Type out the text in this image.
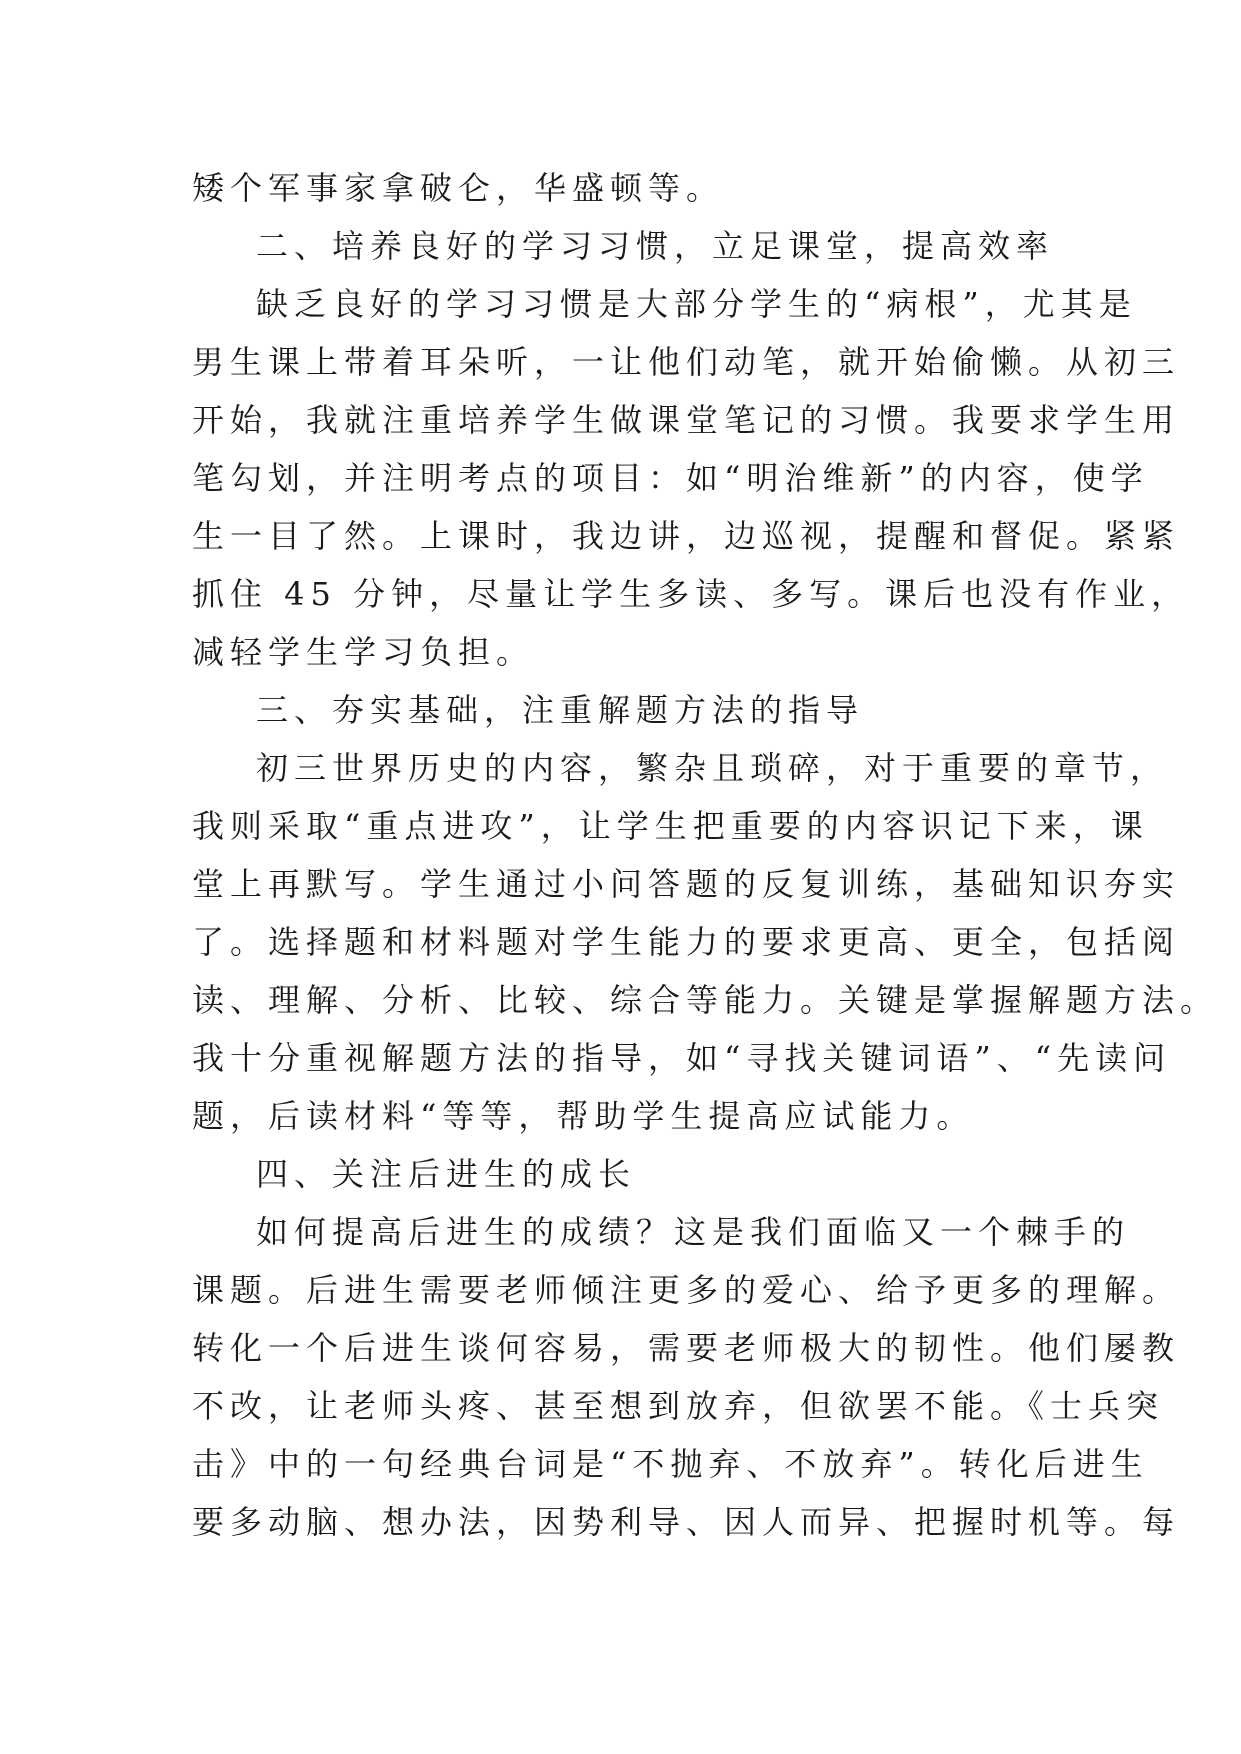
矮个军事家拿破仑，华盛顿等。
二、培养良好的学习习惯，立足课堂，提高效率
缺乏良好的学习习惯是大部分学生的“病根”，尤其是
男生课上带着耳朵听，一让他们动笔，就开始偷懒。从初三
开始，我就注重培养学生做课堂笔记的习惯。我要求学生用
笔勾划，并注明考点的项目：如“明治维新”的内容，使学
生一目了然。上课时，我边讲，边巡视，提醒和督促。紧紧
抓住 45 分钟，尽量让学生多读、多写。课后也没有作业，
减轻学生学习负担。
三、夯实基础，注重解题方法的指导
初三世界历史的内容，繁杂且琐碎，对于重要的章节，
我则采取“重点进攻”，让学生把重要的内容识记下来，课
堂上再默写。学生通过小问答题的反复训练，基础知识夯实
了。选择题和材料题对学生能力的要求更高、更全，包括阅
读、理解、分析、比较、综合等能力。关键是掌握解题方法。
我十分重视解题方法的指导，如“寻找关键词语”、“先读问
题，后读材料“等等，帮助学生提高应试能力。
四、关注后进生的成长
如何提高后进生的成绩？这是我们面临又一个棘手的
课题。后进生需要老师倾注更多的爱心、给予更多的理解。
转化一个后进生谈何容易，需要老师极大的韧性。他们屡教
不改，让老师头疼、甚至想到放弃，但欲罢不能。《士兵突
击》中的一句经典台词是“不抛弃、不放弃”。转化后进生
要多动脑、想办法，因势利导、因人而异、把握时机等。每
